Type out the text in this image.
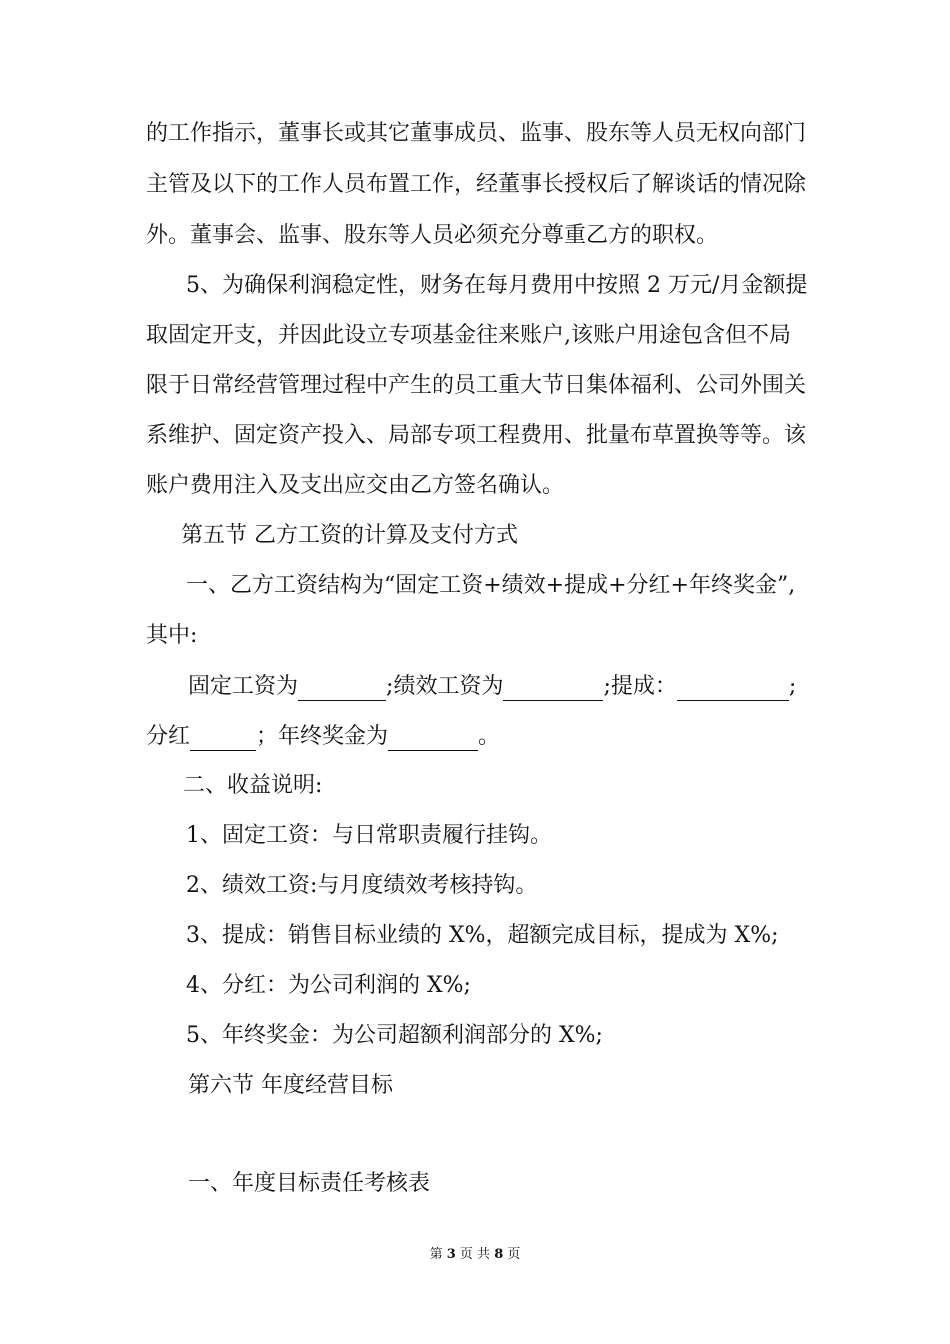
的工作指示，董事长或其它董事成员、监事、股东等人员无权向部门
主管及以下的工作人员布置工作，经董事长授权后了解谈话的情况除
外。董事会、监事、股东等人员必须充分尊重乙方的职权。
5、为确保利润稳定性，财务在每月费用中按照 2 万元/月金额提
取固定开支，并因此设立专项基金往来账户,该账户用途包含但不局
限于日常经营管理过程中产生的员工重大节日集体福利、公司外围关
系维护、固定资产投入、局部专项工程费用、批量布草置换等等。该
账户费用注入及支出应交由乙方签名确认。
第五节 乙方工资的计算及支付方式
一、乙方工资结构为“固定工资+绩效+提成+分红+年终奖金”,
其中:
固定工资为	;绩效工资为	;提成：	;
分红	；年终奖金为	。
二、收益说明:
1、固定工资：与日常职责履行挂钩。
2、绩效工资:与月度绩效考核持钩。
3、提成：销售目标业绩的 X%，超额完成目标，提成为 X%;
4、分红：为公司利润的 X%;
5、年终奖金：为公司超额利润部分的 X%;
第六节 年度经营目标
一、年度目标责任考核表
第 3 页 共 8 页
